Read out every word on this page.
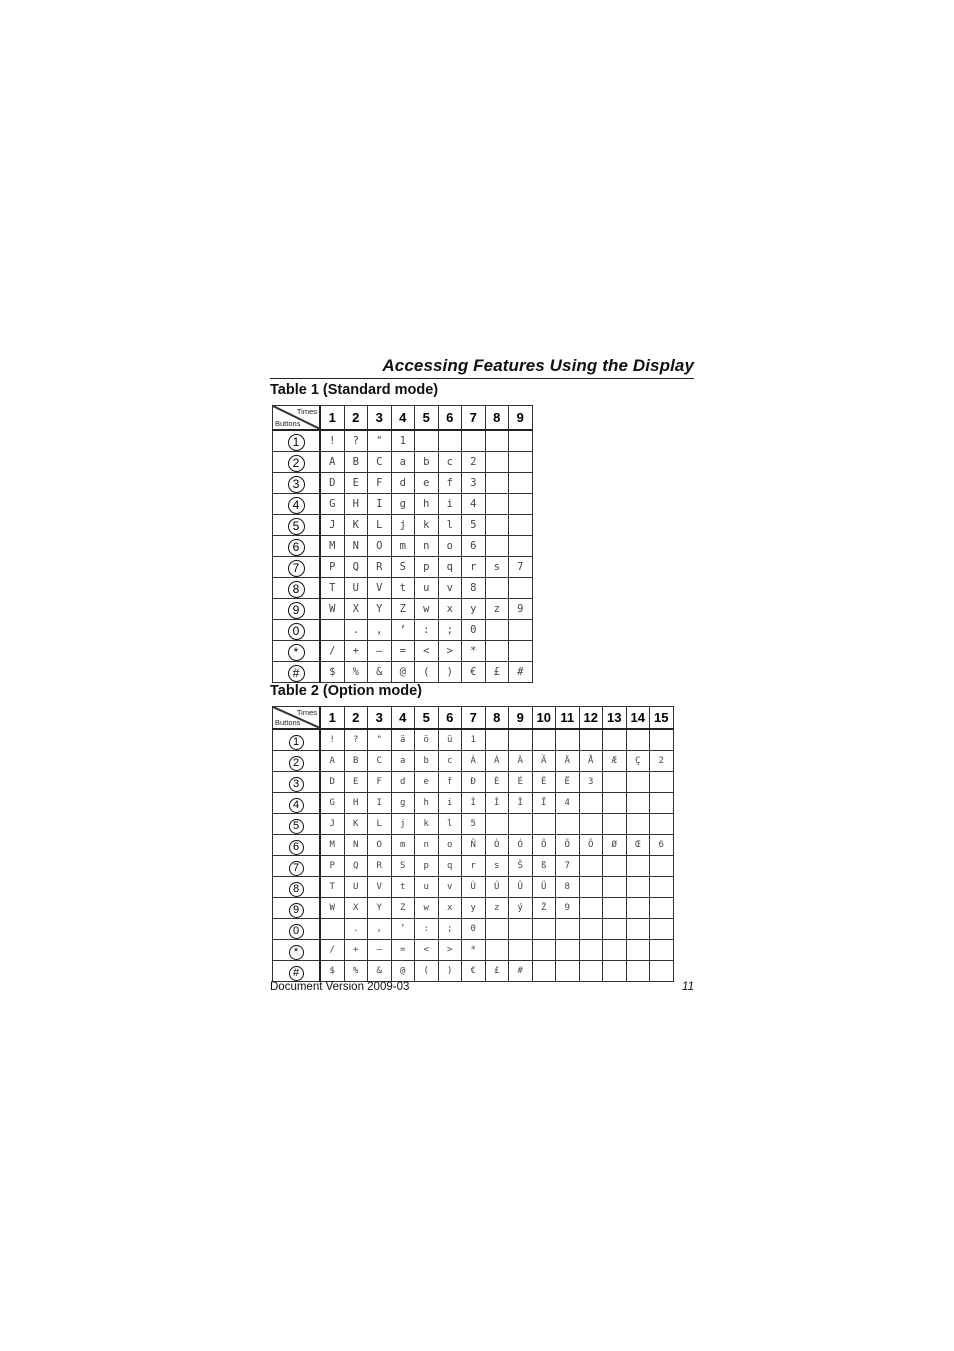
Accessing Features Using the Display
Table 1 (Standard mode)
Times
Buttons	1	2	3	4	5	6	7	8	9
1	!	?	"	1					
2	A	B	C	a	b	c	2		
3	D	E	F	d	e	f	3		
4	G	H	I	g	h	i	4		
5	J	K	L	j	k	l	5		
6	M	N	O	m	n	o	6		
7	P	Q	R	S	p	q	r	s	7
8	T	U	V	t	u	v	8		
9	W	X	Y	Z	w	x	y	z	9
0		.	,	’	:	;	0		
*	/	+	—	=	<	>	*		
#	$	%	&	@	(	)	€	£	#
Table 2 (Option mode)
Times
Buttons	1	2	3	4	5	6	7	8	9	10	11	12	13	14	15
1	!	?	"	ä	ö	ü	1								
2	A	B	C	a	b	c	À	Á	Â	Ã	Ä	Å	Æ	Ç	2
3	D	E	F	d	e	f	Ð	È	É	Ê	Ë	3			
4	G	H	I	g	h	i	Ì	Í	Î	Ï	4				
5	J	K	L	j	k	l	5								
6	M	N	O	m	n	o	Ñ	Ò	Ó	Ô	Õ	Ö	Ø	Œ	6
7	P	Q	R	S	p	q	r	s	Š	ß	7				
8	T	U	V	t	u	v	Ù	Ú	Û	Ü	8				
9	W	X	Y	Z	w	x	y	z	ý	Ž	9				
0		.	,	’	:	;	0								
*	/	+	—	=	<	>	*								
#	$	%	&	@	(	)	€	£	#						
Document Version 2009-03	11
